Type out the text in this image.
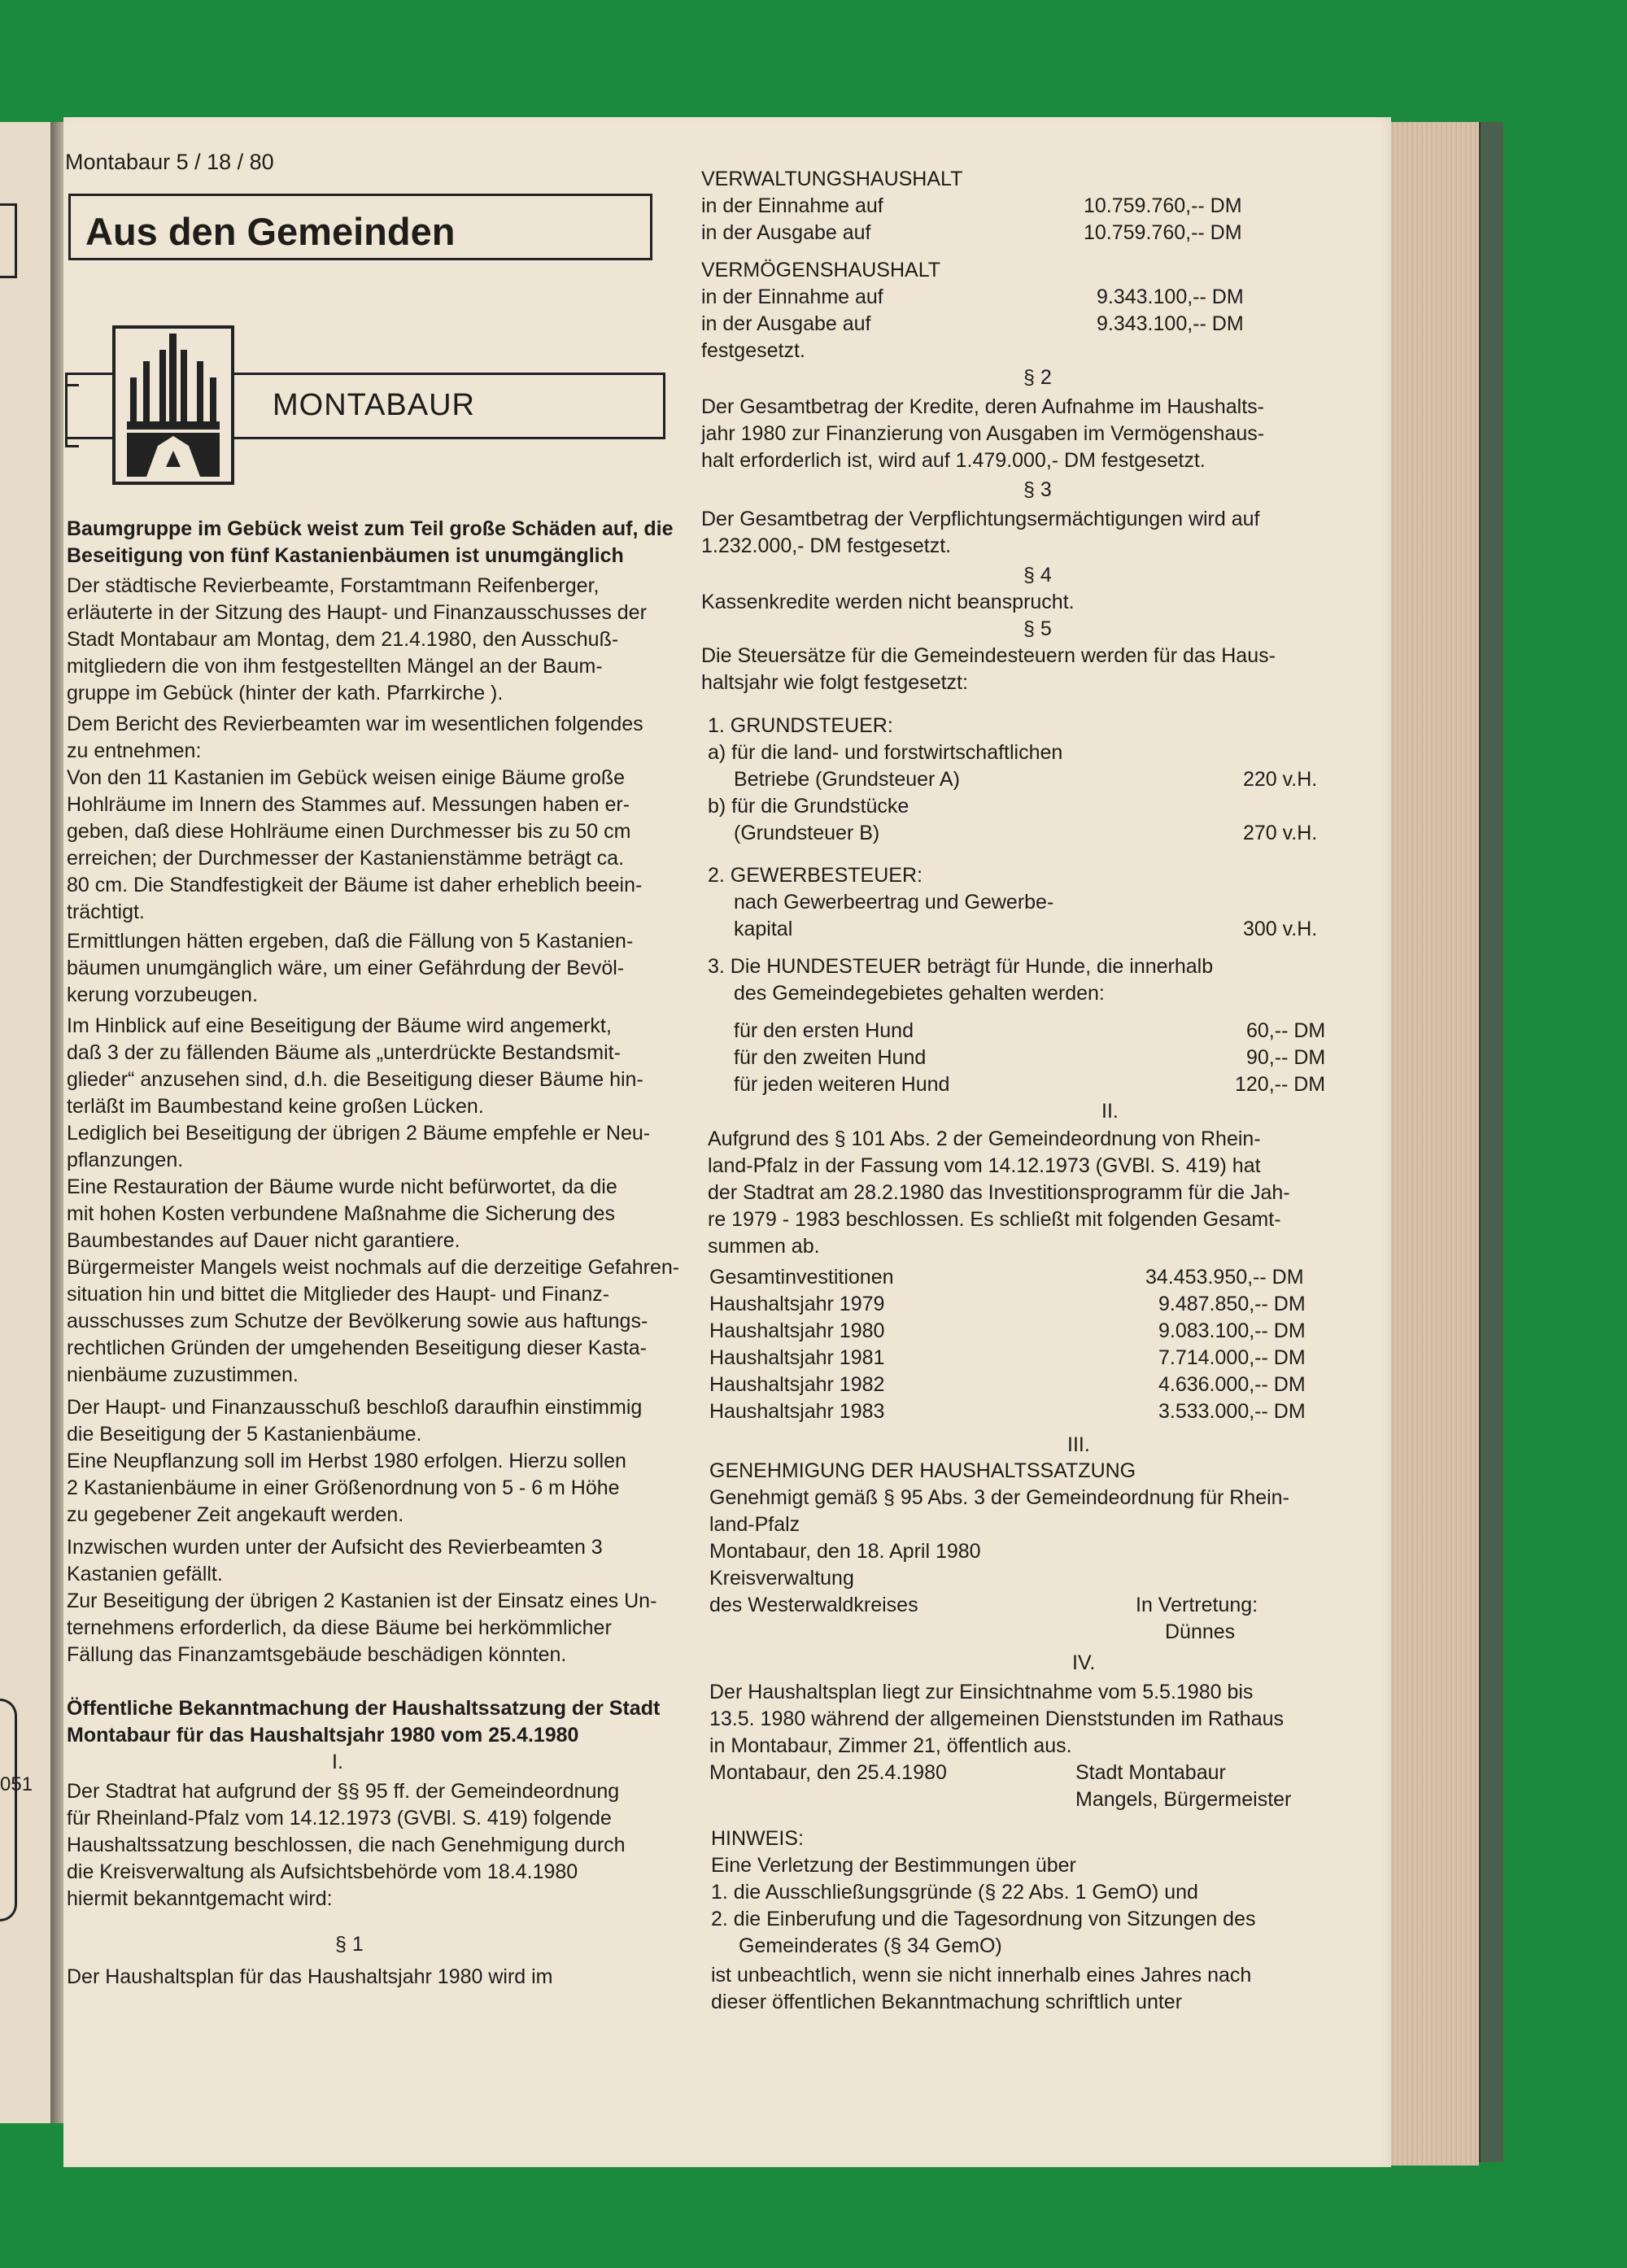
051
Montabaur 5 / 18 / 80
Aus den Gemeinden
MONTABAUR
Baumgruppe im Gebück weist zum Teil große Schäden auf, die
Beseitigung von fünf Kastanienbäumen ist unumgänglich
Der städtische Revierbeamte, Forstamtmann Reifenberger,
erläuterte in der Sitzung des Haupt- und Finanzausschusses der
Stadt Montabaur am Montag, dem 21.4.1980, den Ausschuß-
mitgliedern die von ihm festgestellten Mängel an der Baum-
gruppe im Gebück (hinter der kath. Pfarrkirche ).
Dem Bericht des Revierbeamten war im wesentlichen folgendes
zu entnehmen:
Von den 11 Kastanien im Gebück weisen einige Bäume große
Hohlräume im Innern des Stammes auf. Messungen haben er-
geben, daß diese Hohlräume einen Durchmesser bis zu 50 cm
erreichen; der Durchmesser der Kastanienstämme beträgt ca.
80 cm. Die Standfestigkeit der Bäume ist daher erheblich beein-
trächtigt.
Ermittlungen hätten ergeben, daß die Fällung von 5 Kastanien-
bäumen unumgänglich wäre, um einer Gefährdung der Bevöl-
kerung vorzubeugen.
Im Hinblick auf eine Beseitigung der Bäume wird angemerkt,
daß 3 der zu fällenden Bäume als „unterdrückte Bestandsmit-
glieder“ anzusehen sind, d.h. die Beseitigung dieser Bäume hin-
terläßt im Baumbestand keine großen Lücken.
Lediglich bei Beseitigung der übrigen 2 Bäume empfehle er Neu-
pflanzungen.
Eine Restauration der Bäume wurde nicht befürwortet, da die
mit hohen Kosten verbundene Maßnahme die Sicherung des
Baumbestandes auf Dauer nicht garantiere.
Bürgermeister Mangels weist nochmals auf die derzeitige Gefahren-
situation hin und bittet die Mitglieder des Haupt- und Finanz-
ausschusses zum Schutze der Bevölkerung sowie aus haftungs-
rechtlichen Gründen der umgehenden Beseitigung dieser Kasta-
nienbäume zuzustimmen.
Der Haupt- und Finanzausschuß beschloß daraufhin einstimmig
die Beseitigung der 5 Kastanienbäume.
Eine Neupflanzung soll im Herbst 1980 erfolgen. Hierzu sollen
2 Kastanienbäume in einer Größenordnung von 5 - 6 m Höhe
zu gegebener Zeit angekauft werden.
Inzwischen wurden unter der Aufsicht des Revierbeamten 3
Kastanien gefällt.
Zur Beseitigung der übrigen 2 Kastanien ist der Einsatz eines Un-
ternehmens erforderlich, da diese Bäume bei herkömmlicher
Fällung das Finanzamtsgebäude beschädigen könnten.
Öffentliche Bekanntmachung der Haushaltssatzung der Stadt
Montabaur für das Haushaltsjahr 1980 vom 25.4.1980
I.
Der Stadtrat hat aufgrund der §§ 95 ff. der Gemeindeordnung
für Rheinland-Pfalz vom 14.12.1973 (GVBl. S. 419) folgende
Haushaltssatzung beschlossen, die nach Genehmigung durch
die Kreisverwaltung als Aufsichtsbehörde vom 18.4.1980
hiermit bekanntgemacht wird:
§ 1
Der Haushaltsplan für das Haushaltsjahr 1980 wird im
VERWALTUNGSHAUSHALT
in der Einnahme auf	10.759.760,-- DM
in der Ausgabe auf	10.759.760,-- DM
VERMÖGENSHAUSHALT
in der Einnahme auf	9.343.100,-- DM
in der Ausgabe auf	9.343.100,-- DM
festgesetzt.
§ 2
Der Gesamtbetrag der Kredite, deren Aufnahme im Haushalts-
jahr 1980 zur Finanzierung von Ausgaben im Vermögenshaus-
halt erforderlich ist, wird auf 1.479.000,- DM festgesetzt.
§ 3
Der Gesamtbetrag der Verpflichtungsermächtigungen wird auf
1.232.000,- DM festgesetzt.
§ 4
Kassenkredite werden nicht beansprucht.
§ 5
Die Steuersätze für die Gemeindesteuern werden für das Haus-
haltsjahr wie folgt festgesetzt:
1. GRUNDSTEUER:
a) für die land- und forstwirtschaftlichen
Betriebe (Grundsteuer A)	220 v.H.
b) für die Grundstücke
(Grundsteuer B)	270 v.H.
2. GEWERBESTEUER:
nach Gewerbeertrag und Gewerbe-
kapital	300 v.H.
3. Die HUNDESTEUER beträgt für Hunde, die innerhalb
des Gemeindegebietes gehalten werden:
für den ersten Hund	60,-- DM
für den zweiten Hund	90,-- DM
für jeden weiteren Hund	120,-- DM
II.
Aufgrund des § 101 Abs. 2 der Gemeindeordnung von Rhein-
land-Pfalz in der Fassung vom 14.12.1973 (GVBl. S. 419) hat
der Stadtrat am 28.2.1980 das Investitionsprogramm für die Jah-
re 1979 - 1983 beschlossen. Es schließt mit folgenden Gesamt-
summen ab.
Gesamtinvestitionen	34.453.950,-- DM
Haushaltsjahr 1979	9.487.850,-- DM
Haushaltsjahr 1980	9.083.100,-- DM
Haushaltsjahr 1981	7.714.000,-- DM
Haushaltsjahr 1982	4.636.000,-- DM
Haushaltsjahr 1983	3.533.000,-- DM
III.
GENEHMIGUNG DER HAUSHALTSSATZUNG
Genehmigt gemäß § 95 Abs. 3 der Gemeindeordnung für Rhein-
land-Pfalz
Montabaur, den 18. April 1980
Kreisverwaltung
des Westerwaldkreises	In Vertretung:
Dünnes
IV.
Der Haushaltsplan liegt zur Einsichtnahme vom 5.5.1980 bis
13.5. 1980 während der allgemeinen Dienststunden im Rathaus
in Montabaur, Zimmer 21, öffentlich aus.
Montabaur, den 25.4.1980	Stadt Montabaur
Mangels, Bürgermeister
HINWEIS:
Eine Verletzung der Bestimmungen über
1. die Ausschließungsgründe (§ 22 Abs. 1 GemO) und
2. die Einberufung und die Tagesordnung von Sitzungen des
Gemeinderates (§ 34 GemO)
ist unbeachtlich, wenn sie nicht innerhalb eines Jahres nach
dieser öffentlichen Bekanntmachung schriftlich unter
